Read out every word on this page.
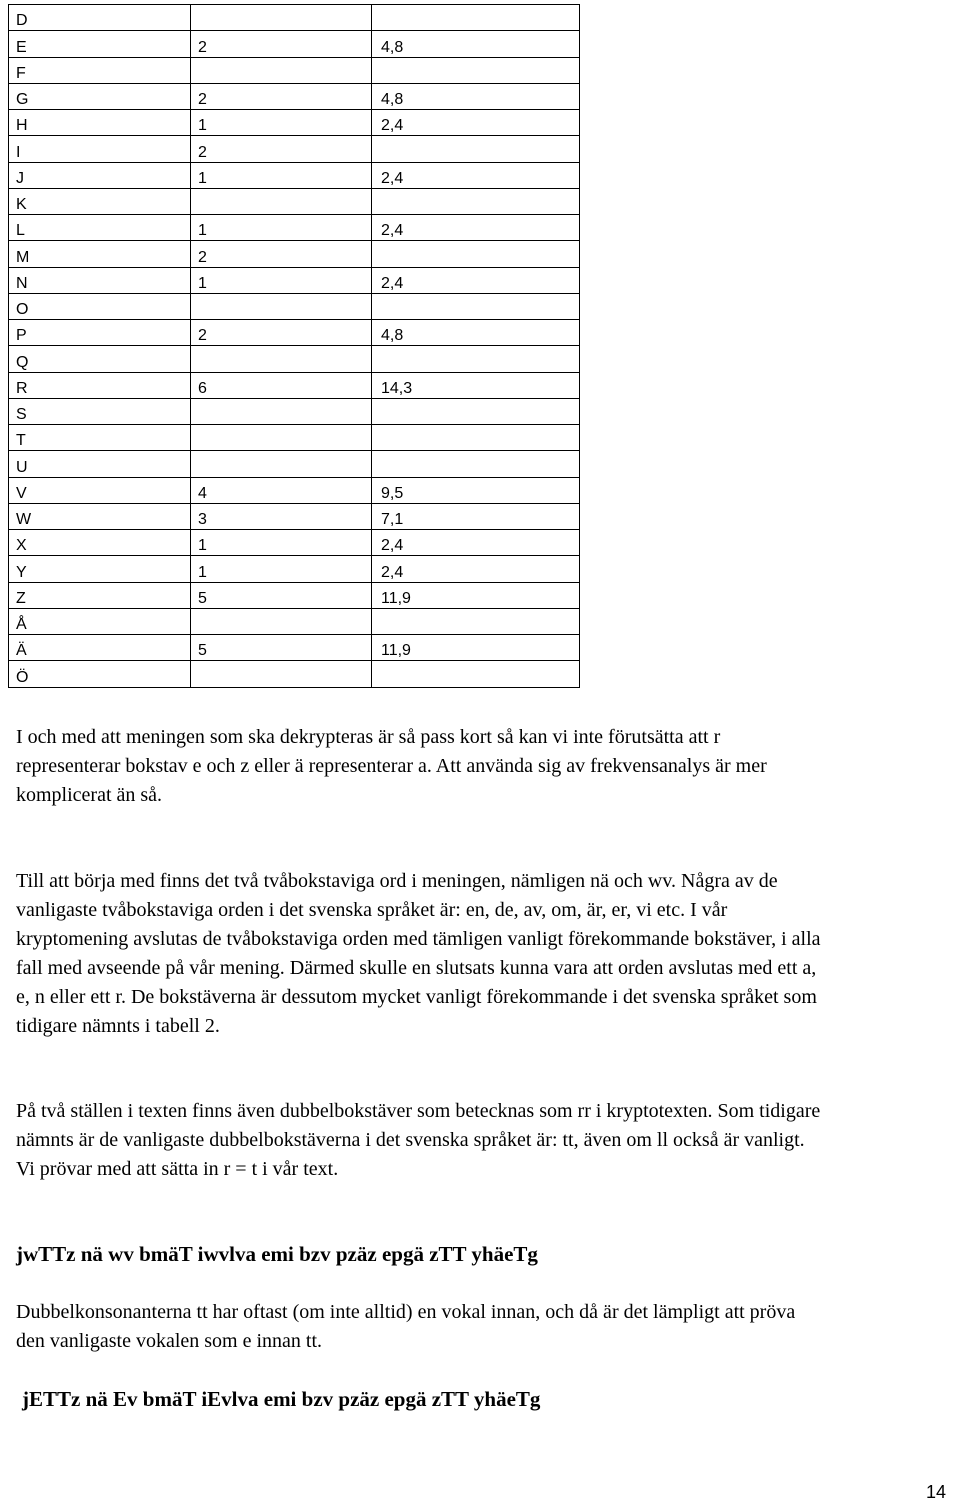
D		
E	2	4,8
F		
G	2	4,8
H	1	2,4
I	2	
J	1	2,4
K		
L	1	2,4
M	2	
N	1	2,4
O		
P	2	4,8
Q		
R	6	14,3
S		
T		
U		
V	4	9,5
W	3	7,1
X	1	2,4
Y	1	2,4
Z	5	11,9
Å		
Ä	5	11,9
Ö		

I och med att meningen som ska dekrypteras är så pass kort så kan vi inte förutsätta att r representerar bokstav e och z eller ä representerar a. Att använda sig av frekvensanalys är mer komplicerat än så.

Till att börja med finns det två tvåbokstaviga ord i meningen, nämligen nä och wv. Några av de vanligaste tvåbokstaviga orden i det svenska språket är: en, de, av, om, är, er, vi etc. I vår kryptomening avslutas de tvåbokstaviga orden med tämligen vanligt förekommande bokstäver, i alla fall med avseende på vår mening. Därmed skulle en slutsats kunna vara att orden avslutas med ett a, e, n eller ett r. De bokstäverna är dessutom mycket vanligt förekommande i det svenska språket som tidigare nämnts i tabell 2.

På två ställen i texten finns även dubbelbokstäver som betecknas som rr i kryptotexten. Som tidigare nämnts är de vanligaste dubbelbokstäverna i det svenska språket är: tt, även om ll också är vanligt. Vi prövar med att sätta in r = t i vår text.

jwTTz nä wv bmäT iwvlva emi bzv pzäz epgä zTT yhäeTg

Dubbelkonsonanterna tt har oftast (om inte alltid) en vokal innan, och då är det lämpligt att pröva den vanligaste vokalen som e innan tt.

jETTz nä Ev bmäT iEvlva emi bzv pzäz epgä zTT yhäeTg

14
